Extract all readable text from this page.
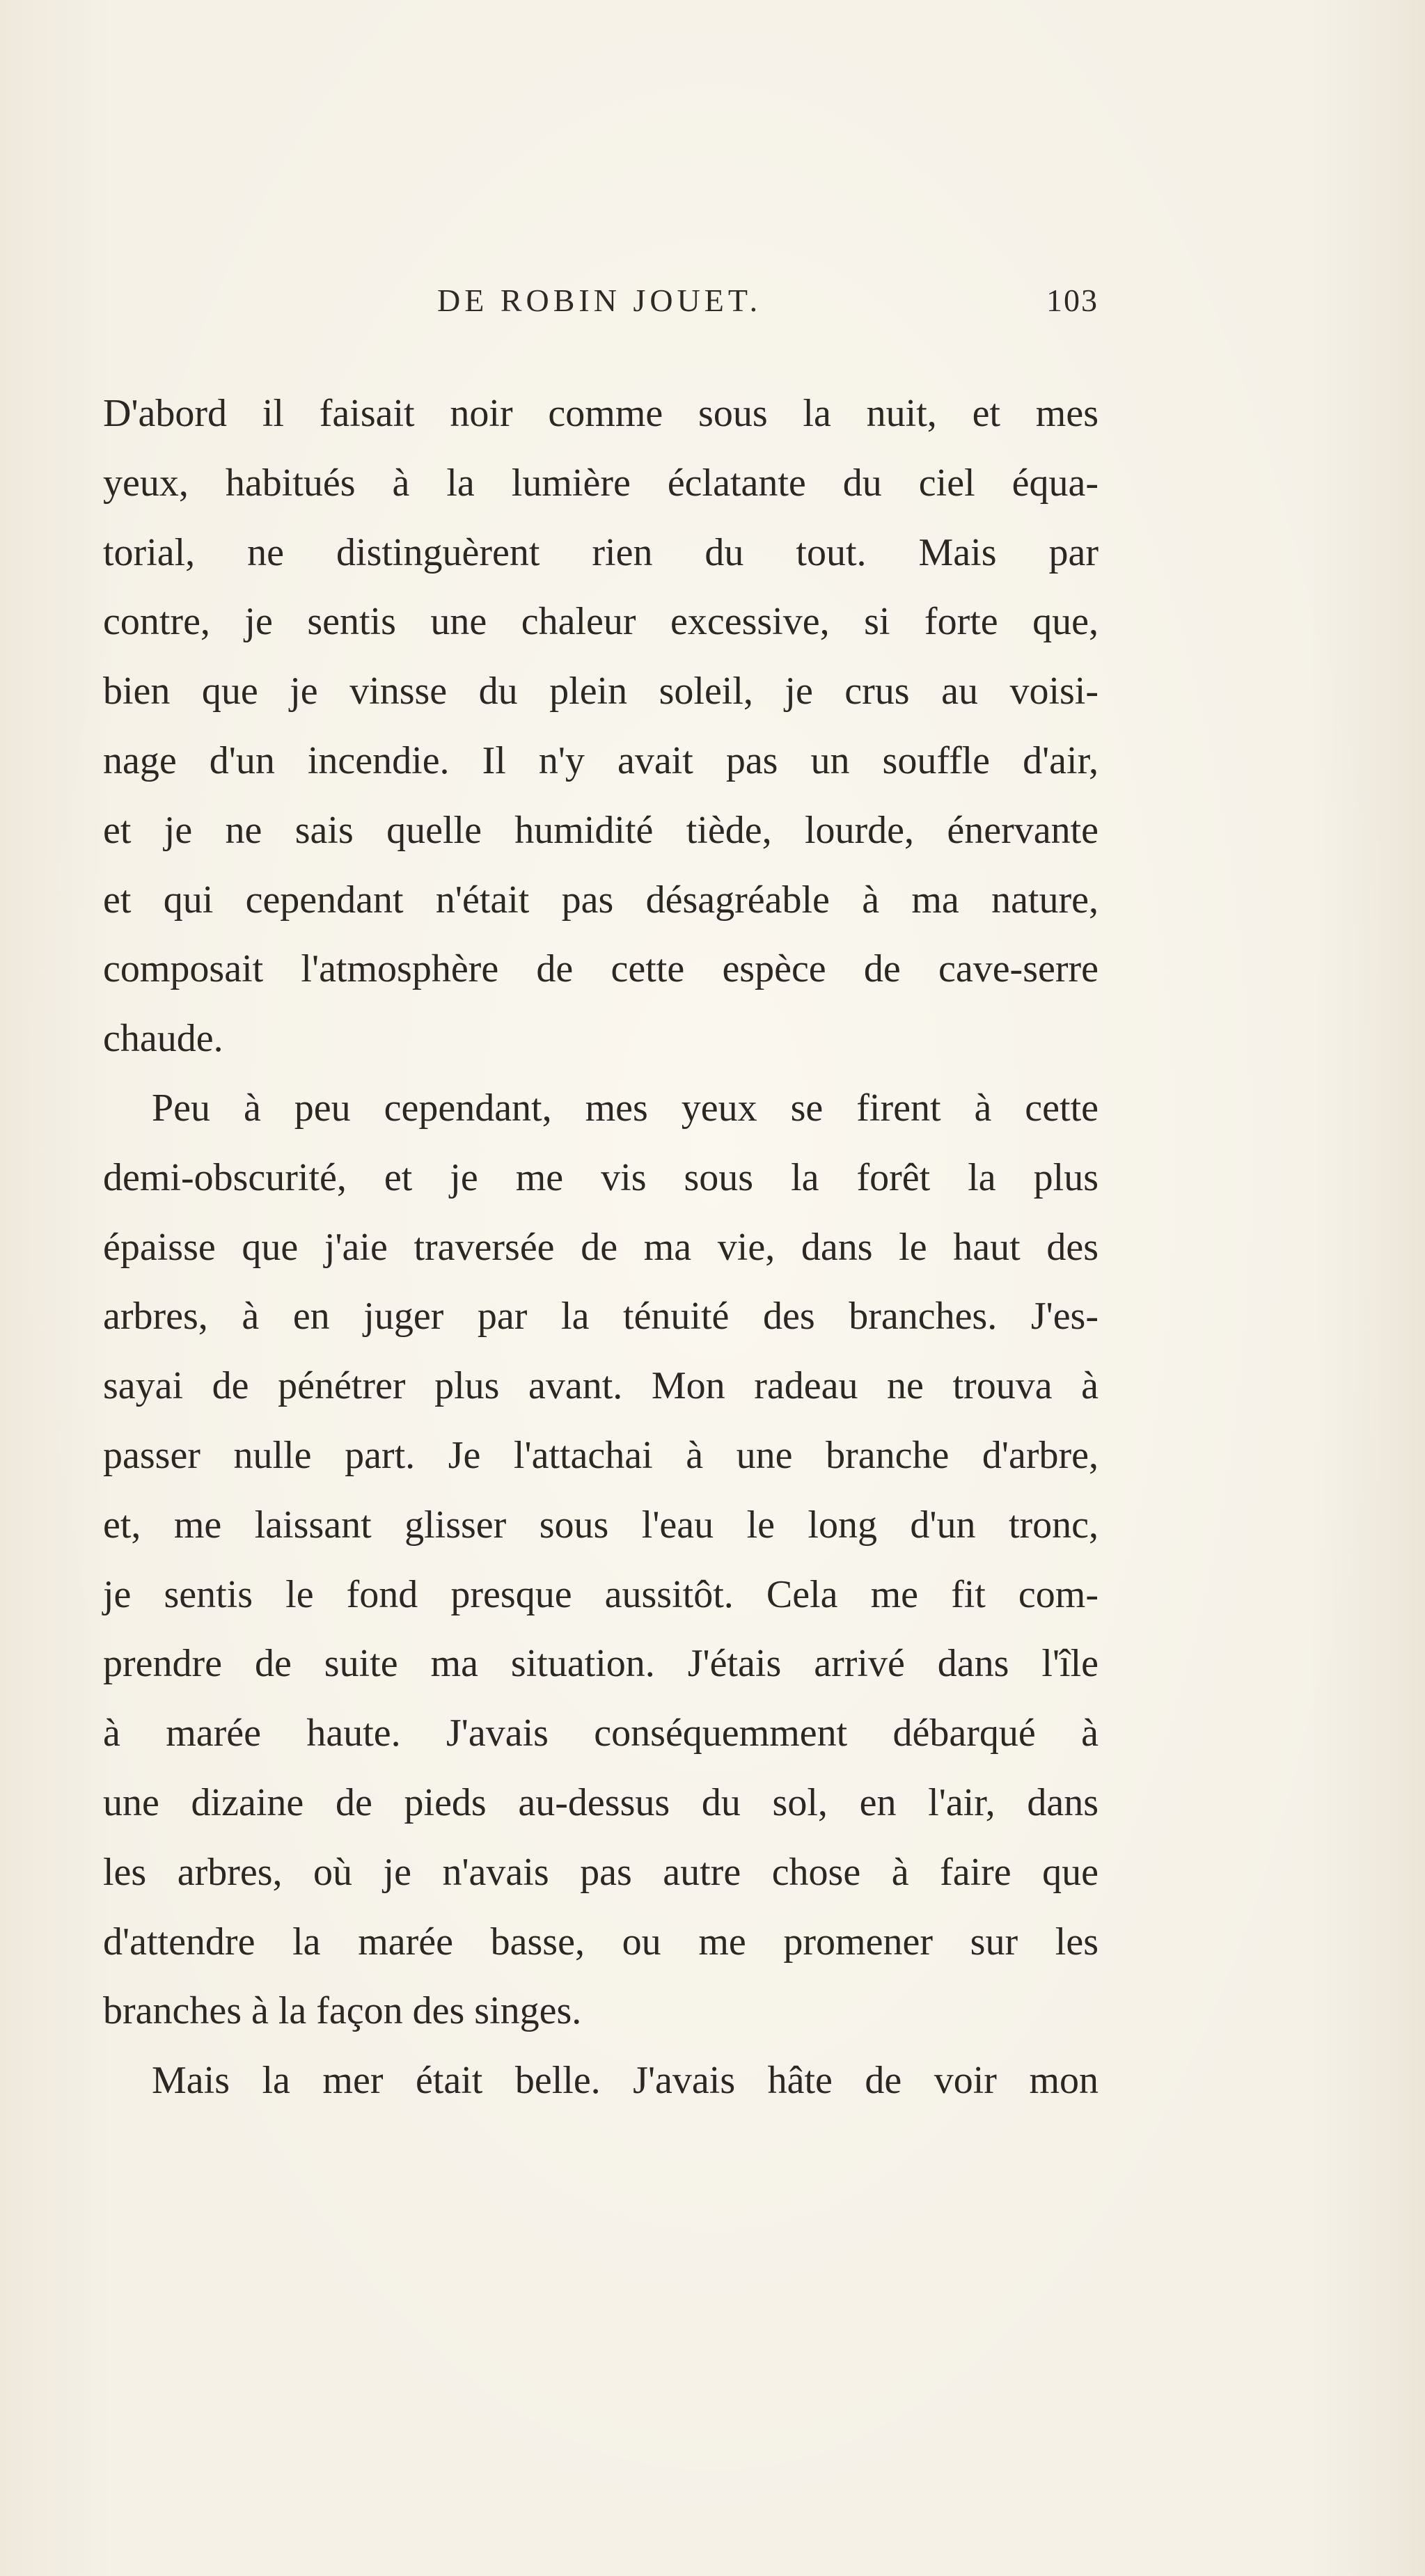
DE ROBIN JOUET.	103
D'abord il faisait noir comme sous la nuit, et mes
yeux, habitués à la lumière éclatante du ciel équa-
torial, ne distinguèrent rien du tout. Mais par
contre, je sentis une chaleur excessive, si forte que,
bien que je vinsse du plein soleil, je crus au voisi-
nage d'un incendie. Il n'y avait pas un souffle d'air,
et je ne sais quelle humidité tiède, lourde, énervante
et qui cependant n'était pas désagréable à ma nature,
composait l'atmosphère de cette espèce de cave-serre
chaude.
Peu à peu cependant, mes yeux se firent à cette
demi-obscurité, et je me vis sous la forêt la plus
épaisse que j'aie traversée de ma vie, dans le haut des
arbres, à en juger par la ténuité des branches. J'es-
sayai de pénétrer plus avant. Mon radeau ne trouva à
passer nulle part. Je l'attachai à une branche d'arbre,
et, me laissant glisser sous l'eau le long d'un tronc,
je sentis le fond presque aussitôt. Cela me fit com-
prendre de suite ma situation. J'étais arrivé dans l'île
à marée haute. J'avais conséquemment débarqué à
une dizaine de pieds au-dessus du sol, en l'air, dans
les arbres, où je n'avais pas autre chose à faire que
d'attendre la marée basse, ou me promener sur les
branches à la façon des singes.
Mais la mer était belle. J'avais hâte de voir mon
